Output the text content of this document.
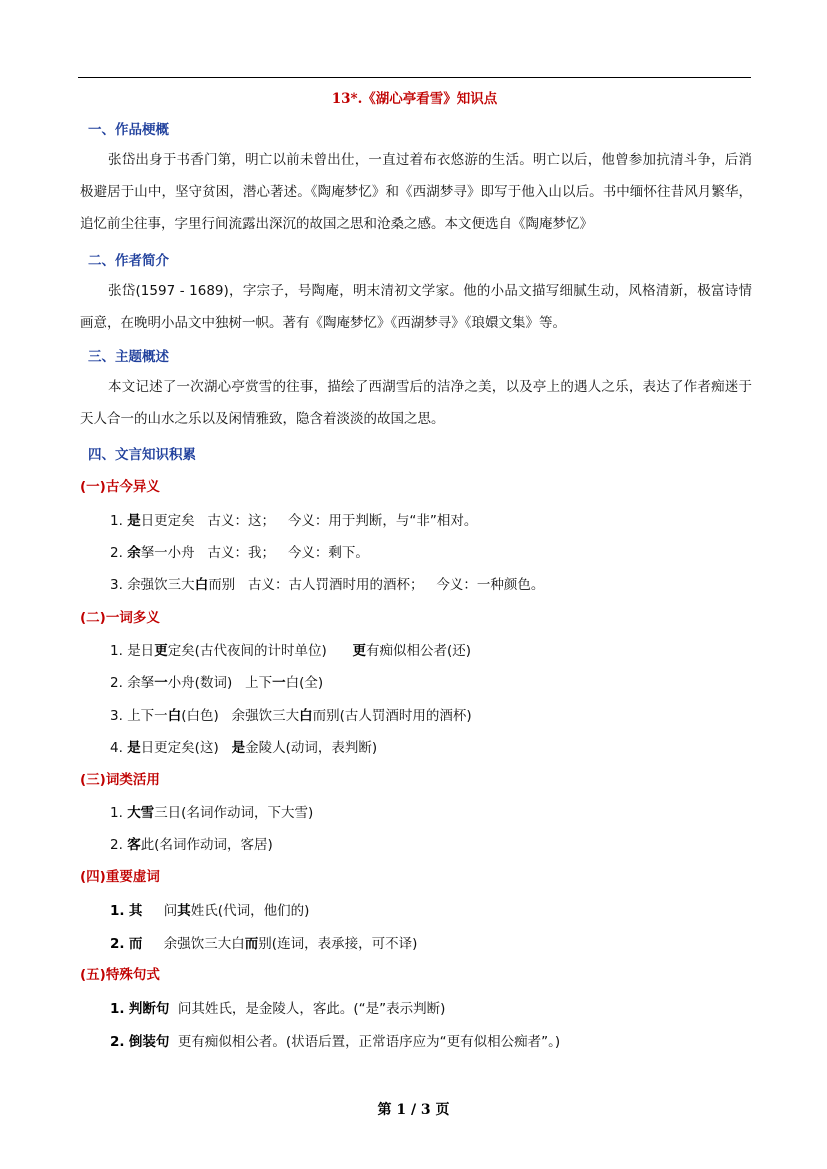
13*.《湖心亭看雪》知识点
一、作品梗概
张岱出身于书香门第，明亡以前未曾出仕，一直过着布衣悠游的生活。明亡以后，他曾参加抗清斗争，后消极避居于山中，坚守贫困，潜心著述。《陶庵梦忆》和《西湖梦寻》即写于他入山以后。书中缅怀往昔风月繁华，追忆前尘往事，字里行间流露出深沉的故国之思和沧桑之感。本文便选自《陶庵梦忆》
二、作者简介
张岱(1597 - 1689)，字宗子，号陶庵，明末清初文学家。他的小品文描写细腻生动，风格清新，极富诗情画意，在晚明小品文中独树一帜。著有《陶庵梦忆》《西湖梦寻》《琅嬛文集》等。
三、主题概述
本文记述了一次湖心亭赏雪的往事，描绘了西湖雪后的洁净之美，以及亭上的遇人之乐，表达了作者痴迷于天人合一的山水之乐以及闲情雅致，隐含着淡淡的故国之思。
四、文言知识积累
(一)古今异义
1. 是日更定矣   古义：这；   今义：用于判断，与“非”相对。
2. 余拏一小舟   古义：我；   今义：剩下。
3. 余强饮三大白而别   古义：古人罚酒时用的酒杯；   今义：一种颜色。
(二)一词多义
1. 是日更定矣(古代夜间的计时单位)      更有痴似相公者(还)
2. 余拏一小舟(数词)   上下一白(全)
3. 上下一白(白色)   余强饮三大白而别(古人罚酒时用的酒杯)
4. 是日更定矣(这)   是金陵人(动词，表判断)
(三)词类活用
1. 大雪三日(名词作动词，下大雪)
2. 客此(名词作动词，客居)
(四)重要虚词
1. 其     问其姓氏(代词，他们的)
2. 而     余强饮三大白而别(连词，表承接，可不译)
(五)特殊句式
1. 判断句  问其姓氏，是金陵人，客此。(“是”表示判断)
2. 倒装句  更有痴似相公者。(状语后置，正常语序应为“更有似相公痴者”。)
第 1 / 3 页
